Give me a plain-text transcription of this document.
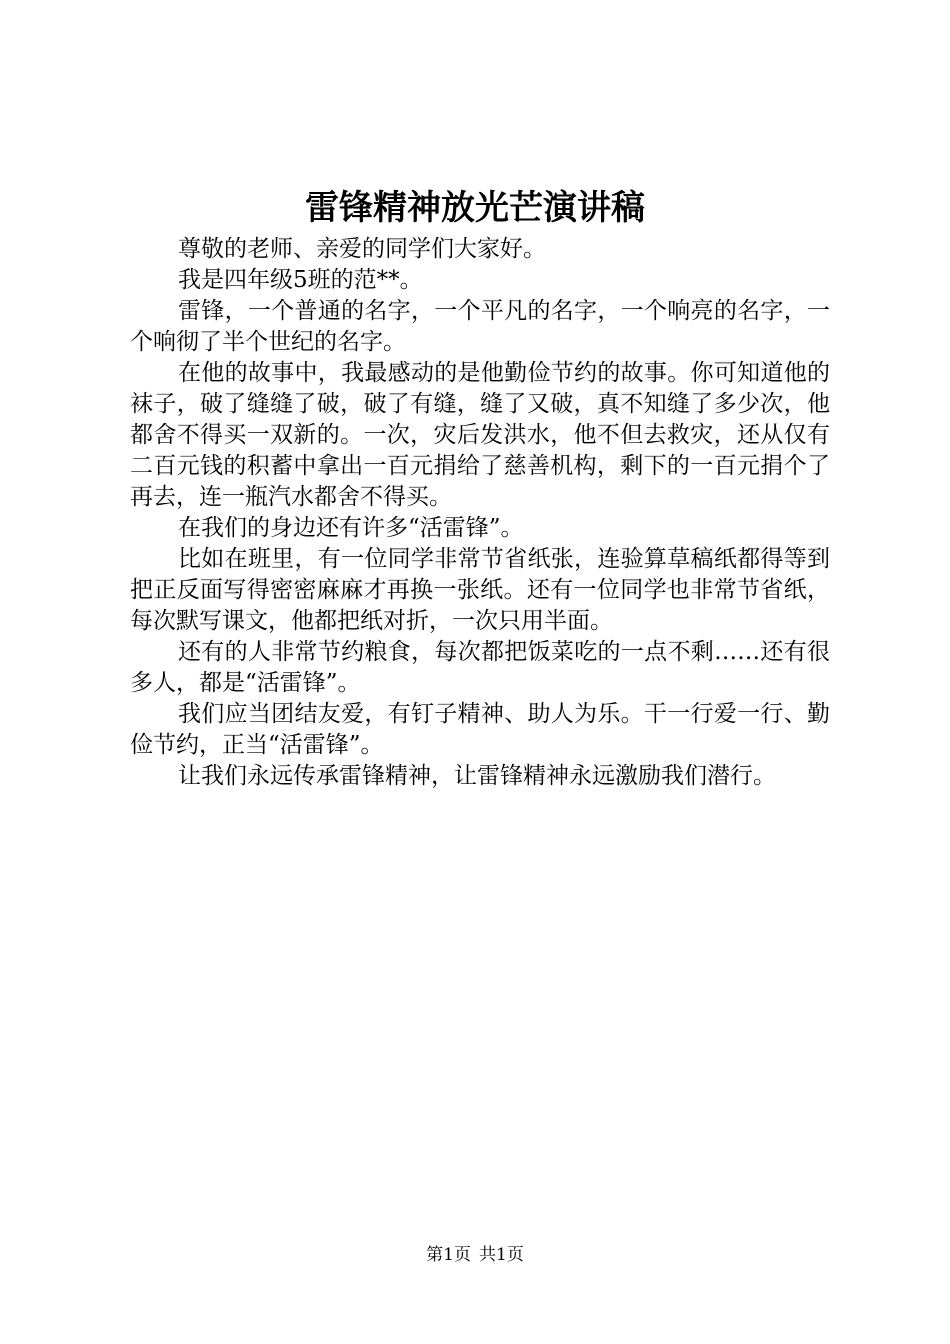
雷锋精神放光芒演讲稿

尊敬的老师、亲爱的同学们大家好。

我是四年级5班的范**。

雷锋，一个普通的名字，一个平凡的名字，一个响亮的名字，一个响彻了半个世纪的名字。

在他的故事中，我最感动的是他勤俭节约的故事。你可知道他的袜子，破了缝缝了破，破了有缝，缝了又破，真不知缝了多少次，他都舍不得买一双新的。一次，灾后发洪水，他不但去救灾，还从仅有二百元钱的积蓄中拿出一百元捐给了慈善机构，剩下的一百元捐个了再去，连一瓶汽水都舍不得买。

在我们的身边还有许多“活雷锋”。

比如在班里，有一位同学非常节省纸张，连验算草稿纸都得等到把正反面写得密密麻麻才再换一张纸。还有一位同学也非常节省纸，每次默写课文，他都把纸对折，一次只用半面。

还有的人非常节约粮食，每次都把饭菜吃的一点不剩……还有很多人，都是“活雷锋”。

我们应当团结友爱，有钉子精神、助人为乐。干一行爱一行、勤俭节约，正当“活雷锋”。

让我们永远传承雷锋精神，让雷锋精神永远激励我们潜行。

第1页 共1页
